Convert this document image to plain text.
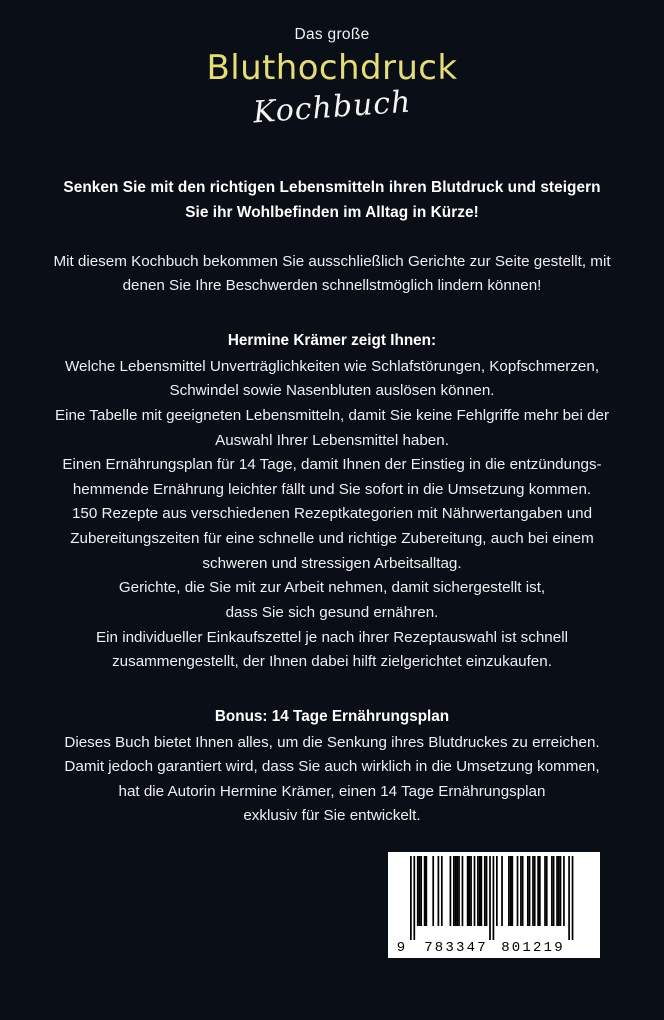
Das große
Bluthochdruck
Kochbuch
Senken Sie mit den richtigen Lebensmitteln ihren Blutdruck und steigern
Sie ihr Wohlbefinden im Alltag in Kürze!
Mit diesem Kochbuch bekommen Sie ausschließlich Gerichte zur Seite gestellt, mit
denen Sie Ihre Beschwerden schnellstmöglich lindern können!
Hermine Krämer zeigt Ihnen:
Welche Lebensmittel Unverträglichkeiten wie Schlafstörungen, Kopfschmerzen,
Schwindel sowie Nasenbluten auslösen können.
Eine Tabelle mit geeigneten Lebensmitteln, damit Sie keine Fehlgriffe mehr bei der
Auswahl Ihrer Lebensmittel haben.
Einen Ernährungsplan für 14 Tage, damit Ihnen der Einstieg in die entzündungs-
hemmende Ernährung leichter fällt und Sie sofort in die Umsetzung kommen.
150 Rezepte aus verschiedenen Rezeptkategorien mit Nährwertangaben und
Zubereitungszeiten für eine schnelle und richtige Zubereitung, auch bei einem
schweren und stressigen Arbeitsalltag.
Gerichte, die Sie mit zur Arbeit nehmen, damit sichergestellt ist,
dass Sie sich gesund ernähren.
Ein individueller Einkaufszettel je nach ihrer Rezeptauswahl ist schnell
zusammengestellt, der Ihnen dabei hilft zielgerichtet einzukaufen.
Bonus: 14 Tage Ernährungsplan
Dieses Buch bietet Ihnen alles, um die Senkung ihres Blutdruckes zu erreichen.
Damit jedoch garantiert wird, dass Sie auch wirklich in die Umsetzung kommen,
hat die Autorin Hermine Krämer, einen 14 Tage Ernährungsplan
exklusiv für Sie entwickelt.
9 783347 801219
